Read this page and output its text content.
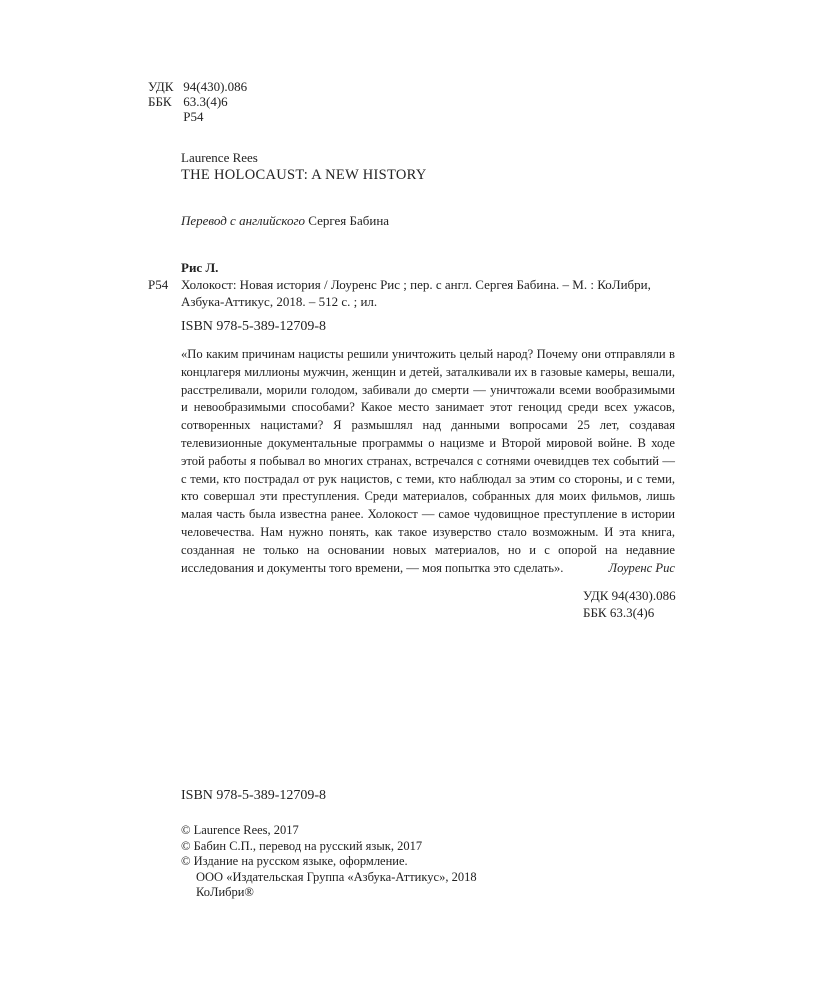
УДК 94(430).086
ББК 63.3(4)6
Р54
Laurence Rees
THE HOLOCAUST: A NEW HISTORY
Перевод с английского Сергея Бабина
Рис Л.
Р54 Холокост: Новая история / Лоуренс Рис ; пер. с англ. Сергея Бабина. – М. : КоЛибри,
Азбука-Аттикус, 2018. – 512 с. ; ил.
ISBN 978-5-389-12709-8
«По каким причинам нацисты решили уничтожить целый народ? Почему они отправляли в концлагеря миллионы мужчин, женщин и детей, заталкивали их в газовые камеры, вешали, расстреливали, морили голодом, забивали до смерти — уничтожали всеми вообразимыми и невообразимыми способами? Какое место занимает этот геноцид среди всех ужасов, сотворенных нацистами? Я размышлял над данными вопросами 25 лет, создавая телевизионные документальные программы о нацизме и Второй мировой войне. В ходе этой работы я побывал во многих странах, встречался с сотнями очевидцев тех событий — с теми, кто пострадал от рук нацистов, с теми, кто наблюдал за этим со стороны, и с теми, кто совершал эти преступления. Среди материалов, собранных для моих фильмов, лишь малая часть была известна ранее. Холокост — самое чудовищное преступление в истории человечества. Нам нужно понять, как такое изуверство стало возможным. И эта книга, созданная не только на основании новых материалов, но и с опорой на недавние исследования и документы того времени, — моя попытка это сделать».	Лоуренс Рис
УДК 94(430).086
ББК 63.3(4)6
ISBN 978-5-389-12709-8
© Laurence Rees, 2017
© Бабин С.П., перевод на русский язык, 2017
© Издание на русском языке, оформление.
ООО «Издательская Группа «Азбука-Аттикус», 2018
КоЛибри®
